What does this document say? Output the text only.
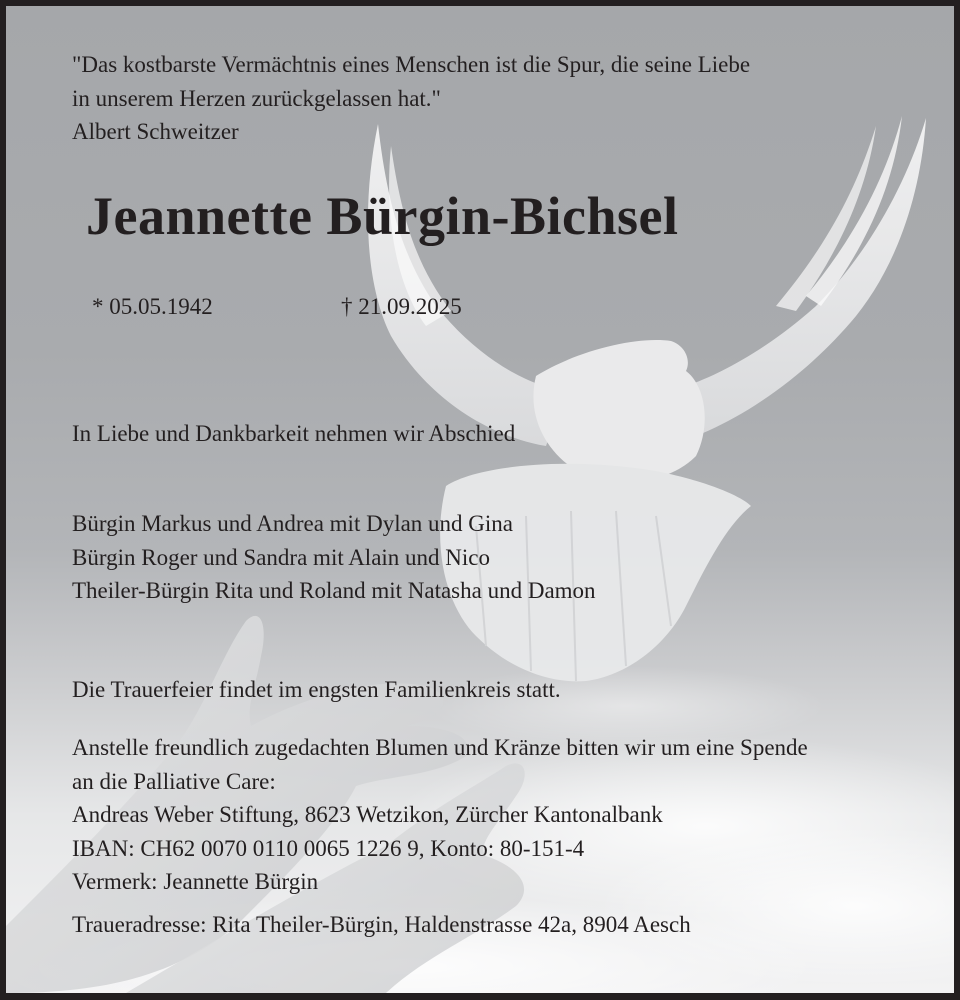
"Das kostbarste Vermächtnis eines Menschen ist die Spur, die seine Liebe
in unserem Herzen zurückgelassen hat."
Albert Schweitzer
Jeannette Bürgin-Bichsel
* 05.05.1942	† 21.09.2025
In Liebe und Dankbarkeit nehmen wir Abschied
Bürgin Markus und Andrea mit Dylan und Gina
Bürgin Roger und Sandra mit Alain und Nico
Theiler-Bürgin Rita und Roland mit Natasha und Damon
Die Trauerfeier findet im engsten Familienkreis statt.
Anstelle freundlich zugedachten Blumen und Kränze bitten wir um eine Spende
an die Palliative Care:
Andreas Weber Stiftung, 8623 Wetzikon, Zürcher Kantonalbank
IBAN: CH62 0070 0110 0065 1226 9, Konto: 80-151-4
Vermerk: Jeannette Bürgin
Traueradresse: Rita Theiler-Bürgin, Haldenstrasse 42a, 8904 Aesch
